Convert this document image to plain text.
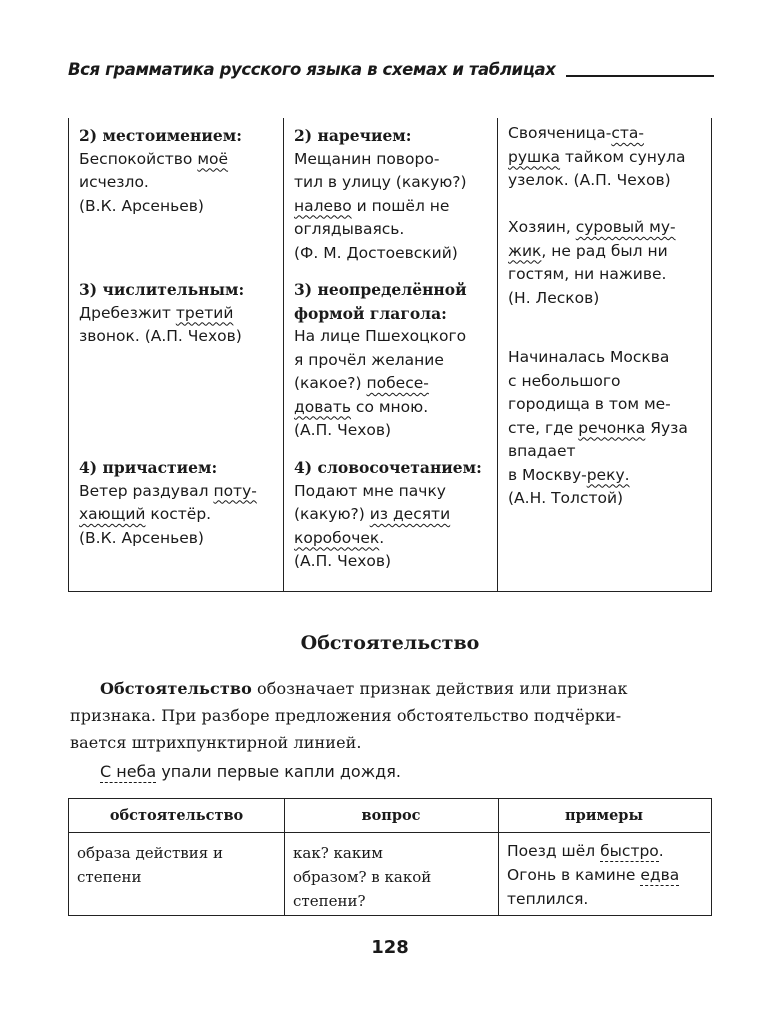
Вся грамматика русского языка в схемах и таблицах
2) местоимением:
Беспокойство моё
исчезло.
(В.К. Арсеньев)
3) числительным:
Дребезжит третий
звонок. (А.П. Чехов)
4) причастием:
Ветер раздувал поту-
хающий костёр.
(В.К. Арсеньев)
2) наречием:
Мещанин поворо-
тил в улицу (какую?)
налево и пошёл не
оглядываясь.
(Ф. М. Достоевский)
3) неопределённой
формой глагола:
На лице Пшехоцкого
я прочёл желание
(какое?) побесе-
довать со мною.
(А.П. Чехов)
4) словосочетанием:
Подают мне пачку
(какую?) из десяти
коробочек.
(А.П. Чехов)
Свояченица-ста-
рушка тайком сунула
узелок. (А.П. Чехов)
Хозяин, суровый му-
жик, не рад был ни
гостям, ни наживе.
(Н. Лесков)
Начиналась Москва
с небольшого
городища в том ме-
сте, где речонка Яуза
впадает
в Москву-реку.
(А.Н. Толстой)
Обстоятельство
Обстоятельство обозначает признак действия или признак
признака. При разборе предложения обстоятельство подчёрки-
вается штрихпунктирной линией.
С неба упали первые капли дождя.
обстоятельство	вопрос	примеры
образа действия и
степени
как? каким
образом? в какой
степени?
Поезд шёл быстро.
Огонь в камине едва
теплился.
128
